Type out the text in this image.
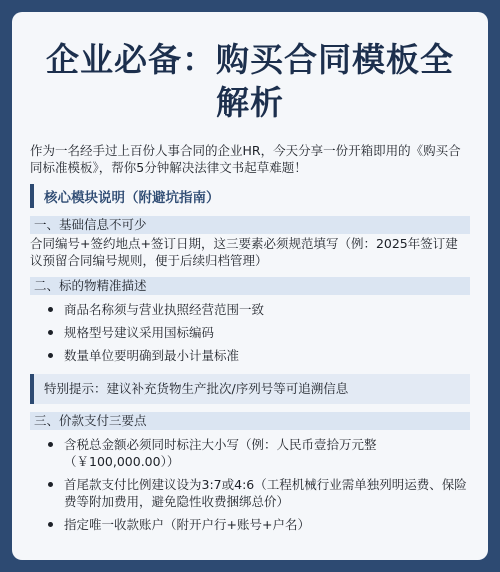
企业必备：购买合同模板全解析

作为一名经手过上百份人事合同的企业HR，今天分享一份开箱即用的《购买合同标准模板》，帮你5分钟解决法律文书起草难题！

核心模块说明（附避坑指南）
一、基础信息不可少

合同编号+签约地点+签订日期，这三要素必须规范填写（例：2025年签订建议预留合同编号规则，便于后续归档管理）

二、标的物精准描述
商品名称须与营业执照经营范围一致
规格型号建议采用国标编码
数量单位要明确到最小计量标准
特别提示：建议补充货物生产批次/序列号等可追溯信息
三、价款支付三要点
含税总金额必须同时标注大小写（例：人民币壹拾万元整（￥100,000.00））
首尾款支付比例建议设为3:7或4:6（工程机械行业需单独列明运费、保险费等附加费用，避免隐性收费捆绑总价）
指定唯一收款账户（附开户行+账号+户名）
